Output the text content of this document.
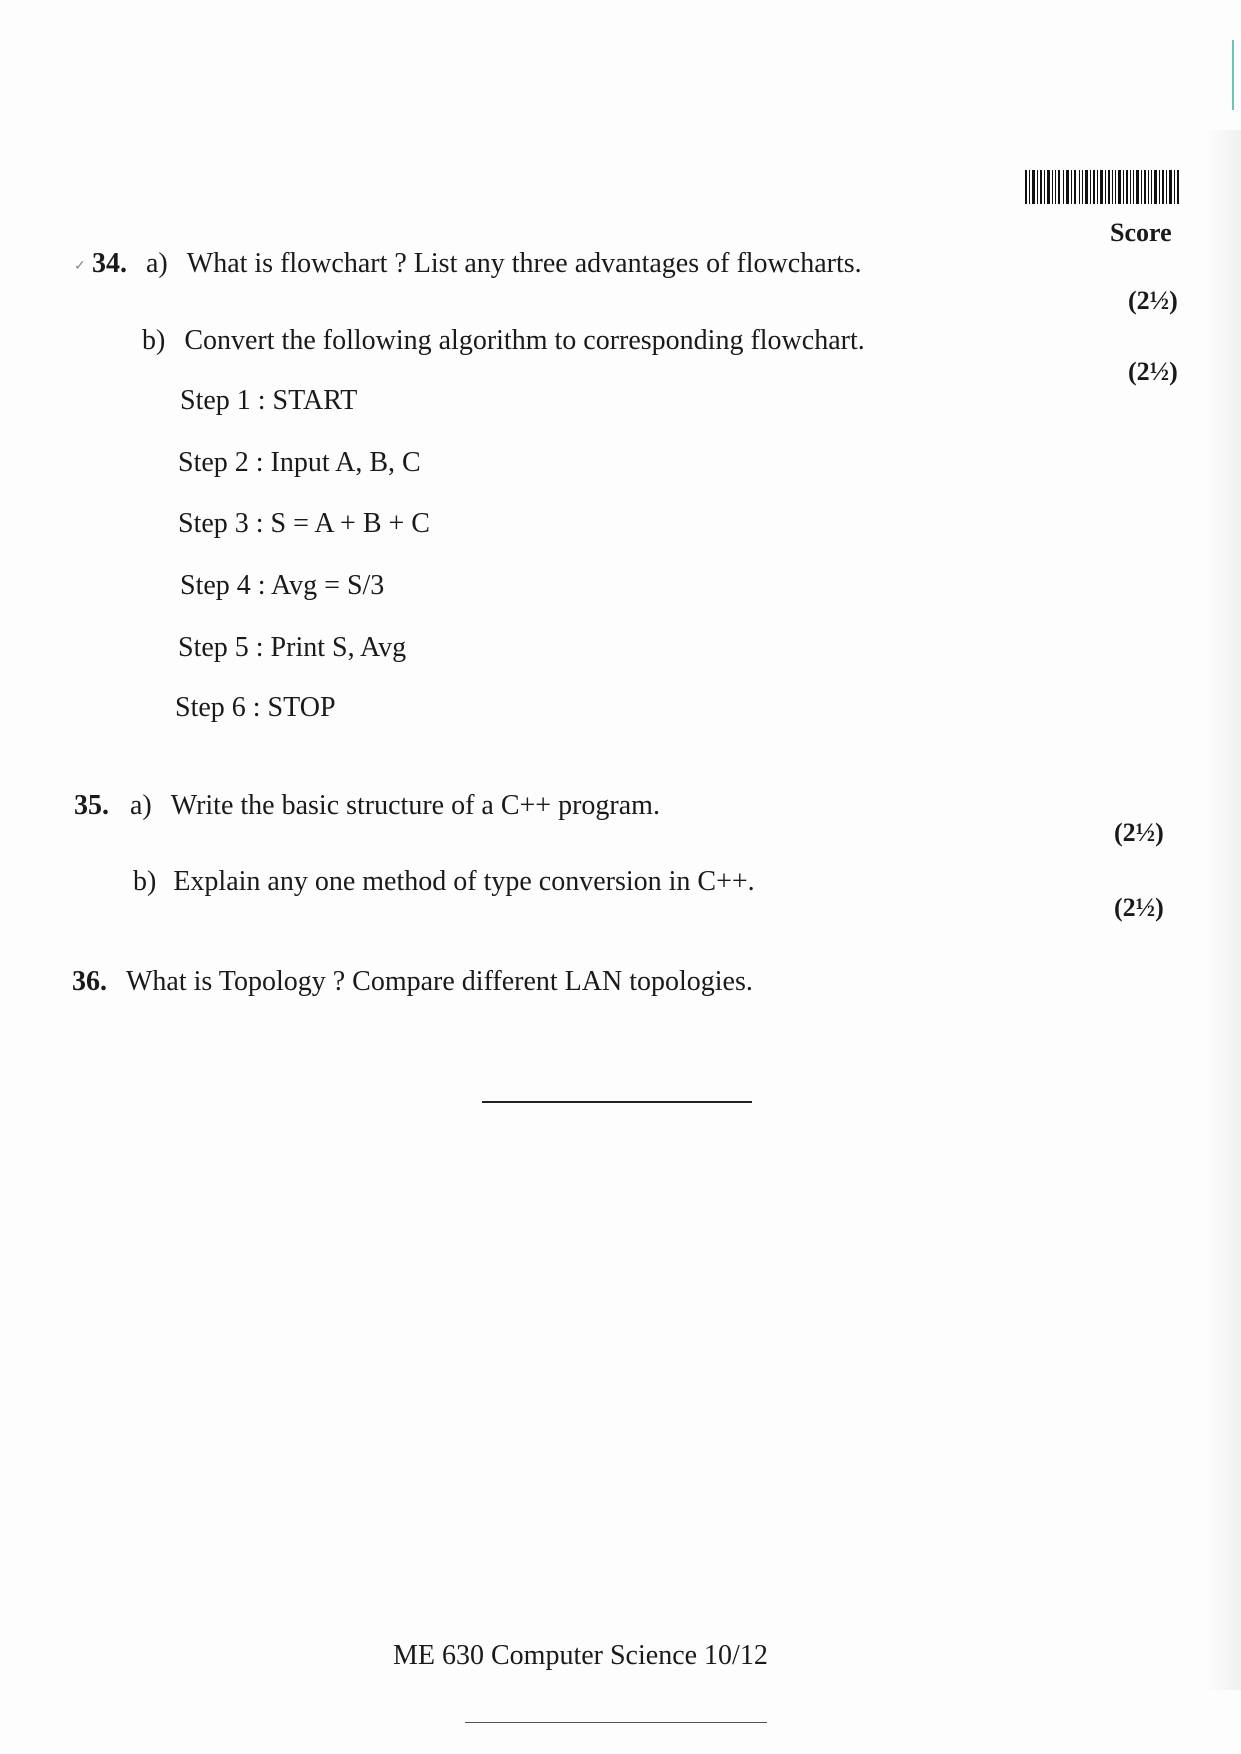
Score
✓ 34. a) What is flowchart ? List any three advantages of flowcharts.
(2½)
b) Convert the following algorithm to corresponding flowchart.
(2½)
Step 1 : START
Step 2 : Input A, B, C
Step 3 : S = A + B + C
Step 4 : Avg = S/3
Step 5 : Print S, Avg
Step 6 : STOP
35. a) Write the basic structure of a C++ program.
(2½)
b) Explain any one method of type conversion in C++.
(2½)
36. What is Topology ? Compare different LAN topologies.
ME 630 Computer Science 10/12
